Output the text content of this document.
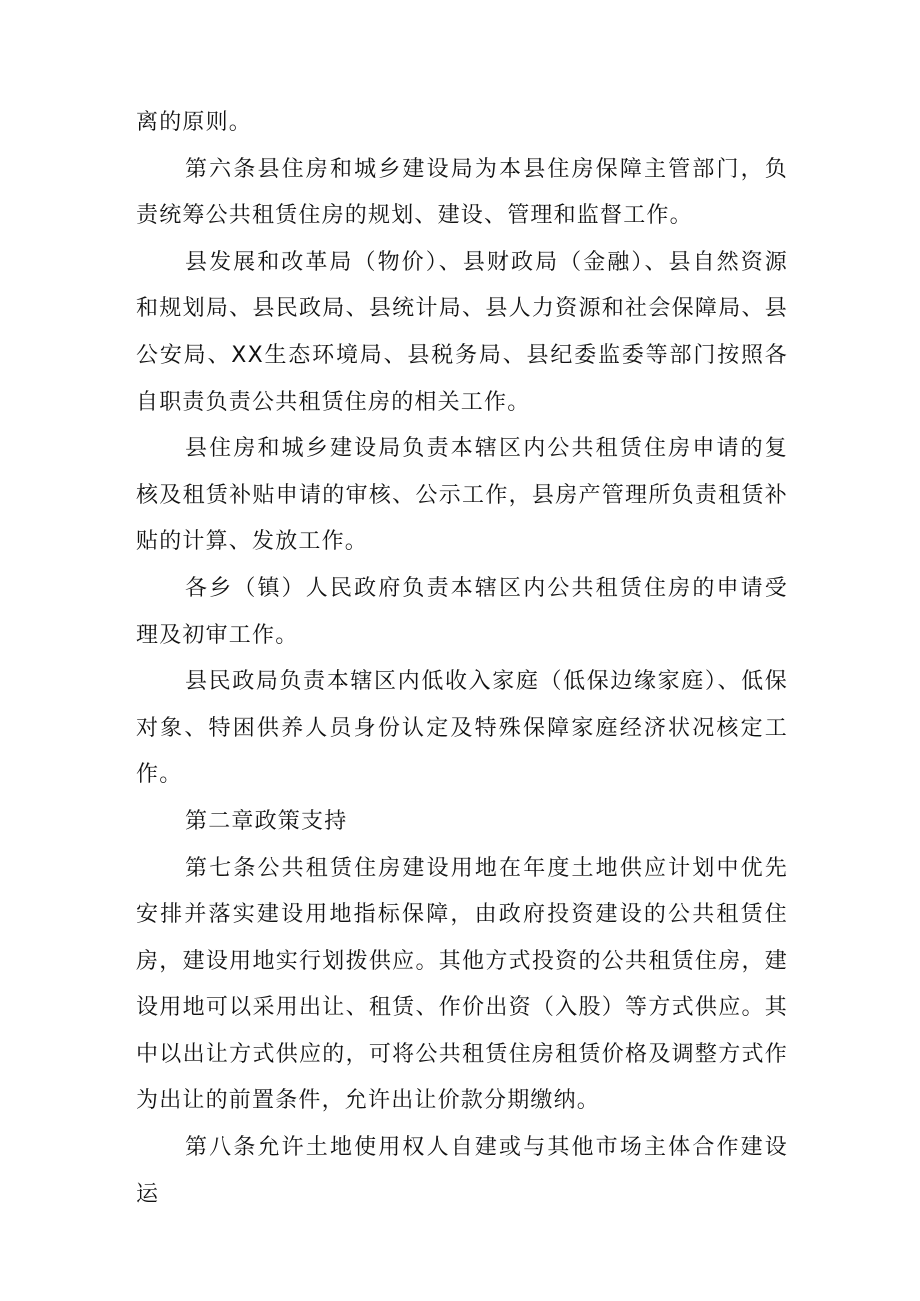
离的原则。

第六条县住房和城乡建设局为本县住房保障主管部门，负责统筹公共租赁住房的规划、建设、管理和监督工作。

县发展和改革局（物价）、县财政局（金融）、县自然资源和规划局、县民政局、县统计局、县人力资源和社会保障局、县公安局、XX生态环境局、县税务局、县纪委监委等部门按照各自职责负责公共租赁住房的相关工作。

县住房和城乡建设局负责本辖区内公共租赁住房申请的复核及租赁补贴申请的审核、公示工作，县房产管理所负责租赁补贴的计算、发放工作。

各乡（镇）人民政府负责本辖区内公共租赁住房的申请受理及初审工作。

县民政局负责本辖区内低收入家庭（低保边缘家庭）、低保对象、特困供养人员身份认定及特殊保障家庭经济状况核定工作。

第二章政策支持

第七条公共租赁住房建设用地在年度土地供应计划中优先安排并落实建设用地指标保障，由政府投资建设的公共租赁住房，建设用地实行划拨供应。其他方式投资的公共租赁住房，建设用地可以采用出让、租赁、作价出资（入股）等方式供应。其中以出让方式供应的，可将公共租赁住房租赁价格及调整方式作为出让的前置条件，允许出让价款分期缴纳。

第八条允许土地使用权人自建或与其他市场主体合作建设运
